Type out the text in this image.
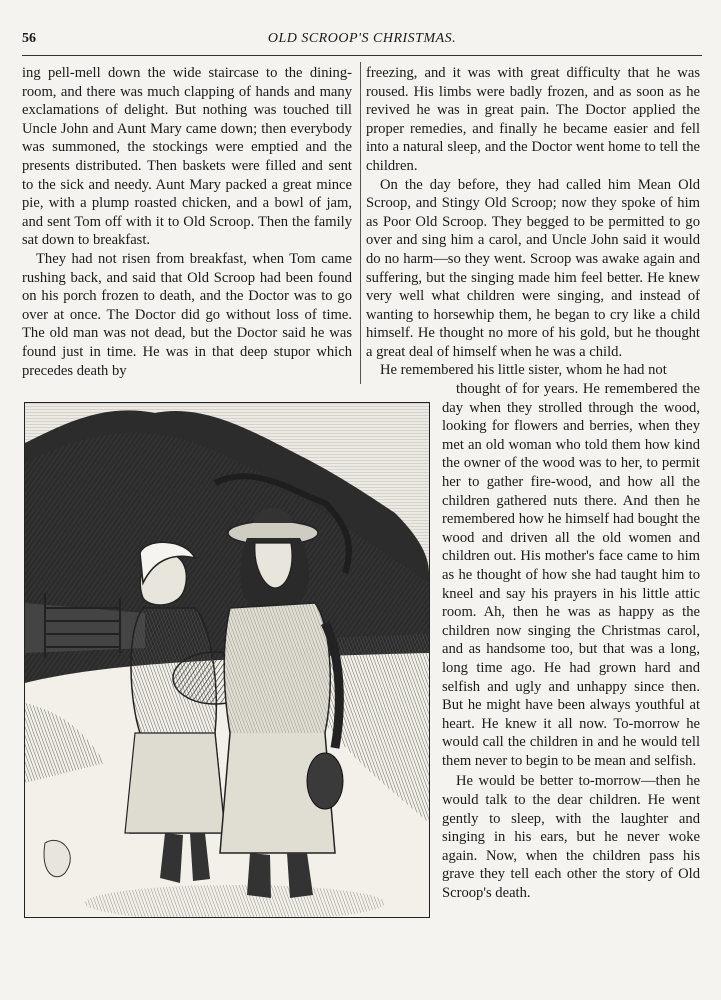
56	OLD SCROOP'S CHRISTMAS.

ing pell-mell down the wide staircase to the dining-room, and there was much clapping of hands and many exclamations of delight. But nothing was touched till Uncle John and Aunt Mary came down; then everybody was summoned, the stockings were emptied and the presents distributed. Then baskets were filled and sent to the sick and needy. Aunt Mary packed a great mince pie, with a plump roasted chicken, and a bowl of jam, and sent Tom off with it to Old Scroop. Then the family sat down to breakfast.

They had not risen from breakfast, when Tom came rushing back, and said that Old Scroop had been found on his porch frozen to death, and the Doctor was to go over at once. The Doctor did go without loss of time. The old man was not dead, but the Doctor said he was found just in time. He was in that deep stupor which precedes death by

freezing, and it was with great difficulty that he was roused. His limbs were badly frozen, and as soon as he revived he was in great pain. The Doctor applied the proper remedies, and finally he became easier and fell into a natural sleep, and the Doctor went home to tell the children.

On the day before, they had called him Mean Old Scroop, and Stingy Old Scroop; now they spoke of him as Poor Old Scroop. They begged to be permitted to go over and sing him a carol, and Uncle John said it would do no harm—so they went. Scroop was awake again and suffering, but the singing made him feel better. He knew very well what children were singing, and instead of wanting to horsewhip them, he began to cry like a child himself. He thought no more of his gold, but he thought a great deal of himself when he was a child.

He remembered his little sister, whom he had not

thought of for years. He remembered the day when they strolled through the wood, looking for flowers and berries, when they met an old woman who told them how kind the owner of the wood was to her, to permit her to gather fire-wood, and how all the children gathered nuts there. And then he remembered how he himself had bought the wood and driven all the old women and children out. His mother's face came to him as he thought of how she had taught him to kneel and say his prayers in his little attic room. Ah, then he was as happy as the children now singing the Christmas carol, and as handsome too, but that was a long, long time ago. He had grown hard and selfish and ugly and unhappy since then. But he might have been always youthful at heart. He knew it all now. To-morrow he would call the children in and he would tell them never to begin to be mean and selfish.

He would be better to-morrow—then he would talk to the dear children. He went gently to sleep, with the laughter and singing in his ears, but he never woke again. Now, when the children pass his grave they tell each other the story of Old Scroop's death.
